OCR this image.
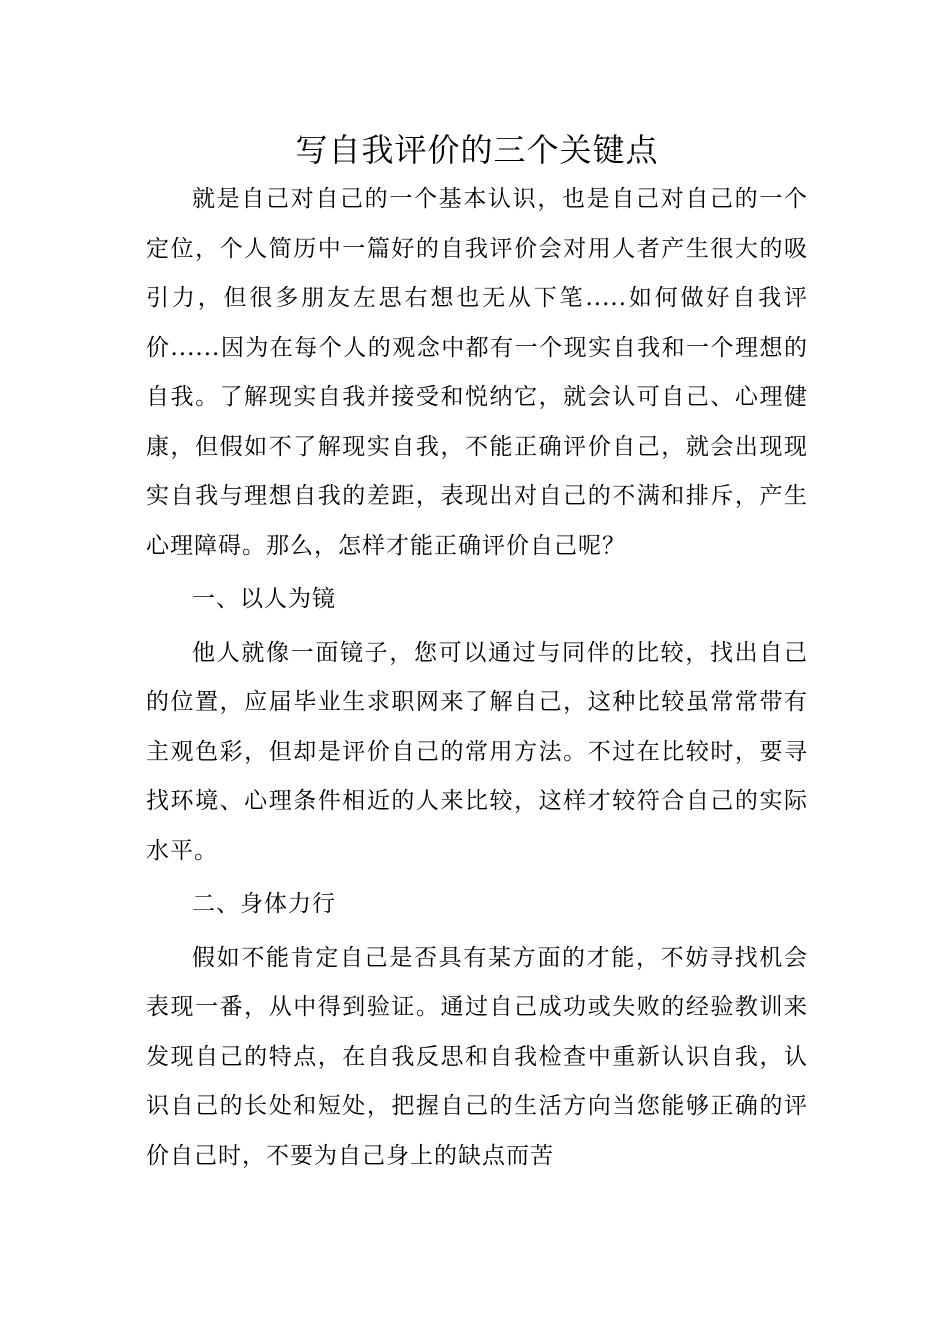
写自我评价的三个关键点

就是自己对自己的一个基本认识，也是自己对自己的一个定位，个人简历中一篇好的自我评价会对用人者产生很大的吸引力，但很多朋友左思右想也无从下笔.....如何做好自我评价......因为在每个人的观念中都有一个现实自我和一个理想的自我。了解现实自我并接受和悦纳它，就会认可自己、心理健康，但假如不了解现实自我，不能正确评价自己，就会出现现实自我与理想自我的差距，表现出对自己的不满和排斥，产生心理障碍。那么，怎样才能正确评价自己呢？

一、以人为镜

他人就像一面镜子，您可以通过与同伴的比较，找出自己的位置，应届毕业生求职网来了解自己，这种比较虽常常带有主观色彩，但却是评价自己的常用方法。不过在比较时，要寻找环境、心理条件相近的人来比较，这样才较符合自己的实际水平。

二、身体力行

假如不能肯定自己是否具有某方面的才能，不妨寻找机会表现一番，从中得到验证。通过自己成功或失败的经验教训来发现自己的特点，在自我反思和自我检查中重新认识自我，认识自己的长处和短处，把握自己的生活方向当您能够正确的评价自己时，不要为自己身上的缺点而苦
